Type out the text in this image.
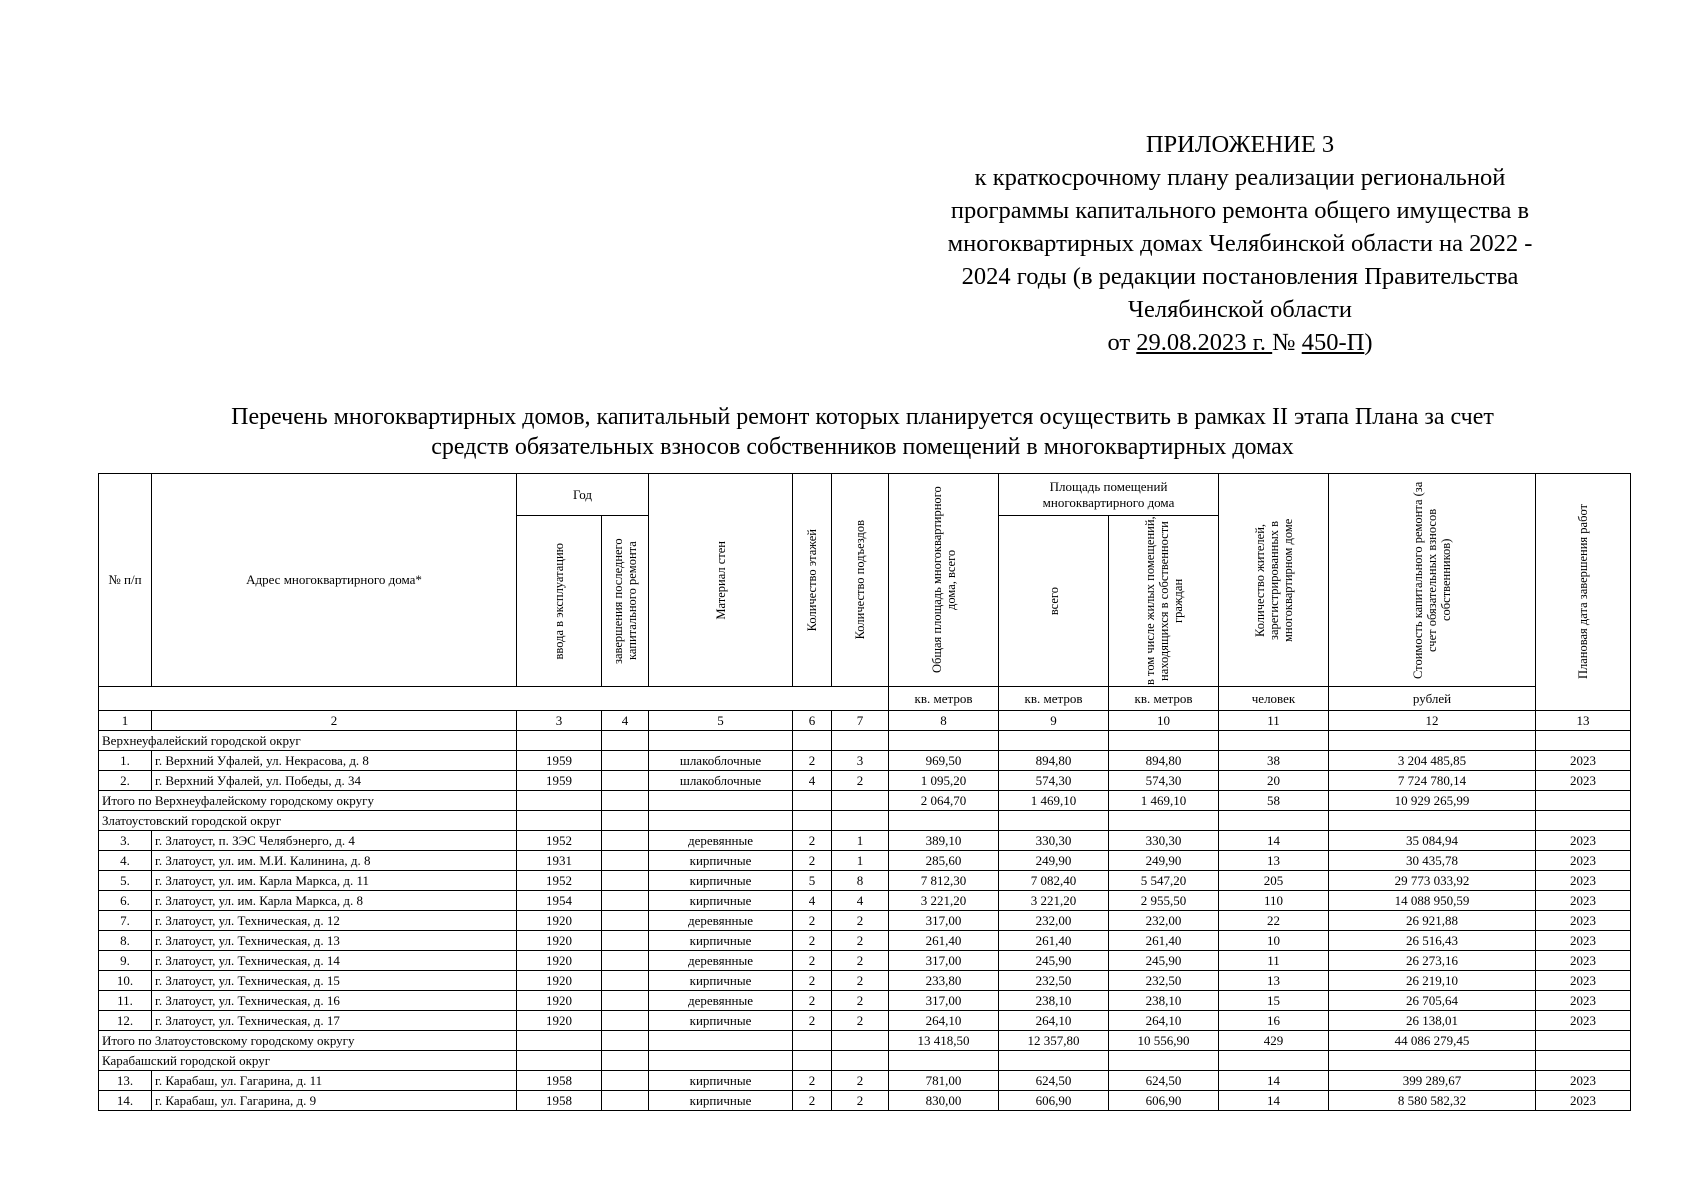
ПРИЛОЖЕНИЕ 3
к краткосрочному плану реализации региональной
программы капитального ремонта общего имущества в
многоквартирных домах Челябинской области на 2022 -
2024 годы (в редакции постановления Правительства
Челябинской области
от 29.08.2023 г. № 450-П)
Перечень многоквартирных домов, капитальный ремонт которых планируется осуществить в рамках II этапа Плана за счет
средств обязательных взносов собственников помещений в многоквартирных домах
№ п/п	Адрес многоквартирного дома*	Год		Материал стен	Количество этажей	Количество подъездов	Общая площадь многоквартирного дома, всего	Площадь помещений многоквартирного дома		Количество жителей, зарегистрированных в многоквартирном доме	Стоимость капитального ремонта (за счет обязательных взносов собственников)	Плановая дата завершения работ

		ввода в эксплуатацию	завершения последнего капитального ремонта					всего	в том числе жилых помещений, находящихся в собственности граждан			

							кв. метров	кв. метров	кв. метров	человек	рублей	
1	2	3	4	5	6	7	8	9	10	11	12	13
Верхнеуфалейский городской округ												
1.	г. Верхний Уфалей, ул. Некрасова, д. 8	1959		шлакоблочные	2	3	969,50	894,80	894,80	38	3 204 485,85	2023
2.	г. Верхний Уфалей, ул. Победы, д. 34	1959		шлакоблочные	4	2	1 095,20	574,30	574,30	20	7 724 780,14	2023
Итого по Верхнеуфалейскому городскому округу							2 064,70	1 469,10	1 469,10	58	10 929 265,99	
Златоустовский городской округ												
3.	г. Златоуст, п. ЗЭС Челябэнерго, д. 4	1952		деревянные	2	1	389,10	330,30	330,30	14	35 084,94	2023
4.	г. Златоуст, ул. им. М.И. Калинина, д. 8	1931		кирпичные	2	1	285,60	249,90	249,90	13	30 435,78	2023
5.	г. Златоуст, ул. им. Карла Маркса, д. 11	1952		кирпичные	5	8	7 812,30	7 082,40	5 547,20	205	29 773 033,92	2023
6.	г. Златоуст, ул. им. Карла Маркса, д. 8	1954		кирпичные	4	4	3 221,20	3 221,20	2 955,50	110	14 088 950,59	2023
7.	г. Златоуст, ул. Техническая, д. 12	1920		деревянные	2	2	317,00	232,00	232,00	22	26 921,88	2023
8.	г. Златоуст, ул. Техническая, д. 13	1920		кирпичные	2	2	261,40	261,40	261,40	10	26 516,43	2023
9.	г. Златоуст, ул. Техническая, д. 14	1920		деревянные	2	2	317,00	245,90	245,90	11	26 273,16	2023
10.	г. Златоуст, ул. Техническая, д. 15	1920		кирпичные	2	2	233,80	232,50	232,50	13	26 219,10	2023
11.	г. Златоуст, ул. Техническая, д. 16	1920		деревянные	2	2	317,00	238,10	238,10	15	26 705,64	2023
12.	г. Златоуст, ул. Техническая, д. 17	1920		кирпичные	2	2	264,10	264,10	264,10	16	26 138,01	2023
Итого по Златоустовскому городскому округу							13 418,50	12 357,80	10 556,90	429	44 086 279,45	
Карабашский городской округ												
13.	г. Карабаш, ул. Гагарина, д. 11	1958		кирпичные	2	2	781,00	624,50	624,50	14	399 289,67	2023
14.	г. Карабаш, ул. Гагарина, д. 9	1958		кирпичные	2	2	830,00	606,90	606,90	14	8 580 582,32	2023
